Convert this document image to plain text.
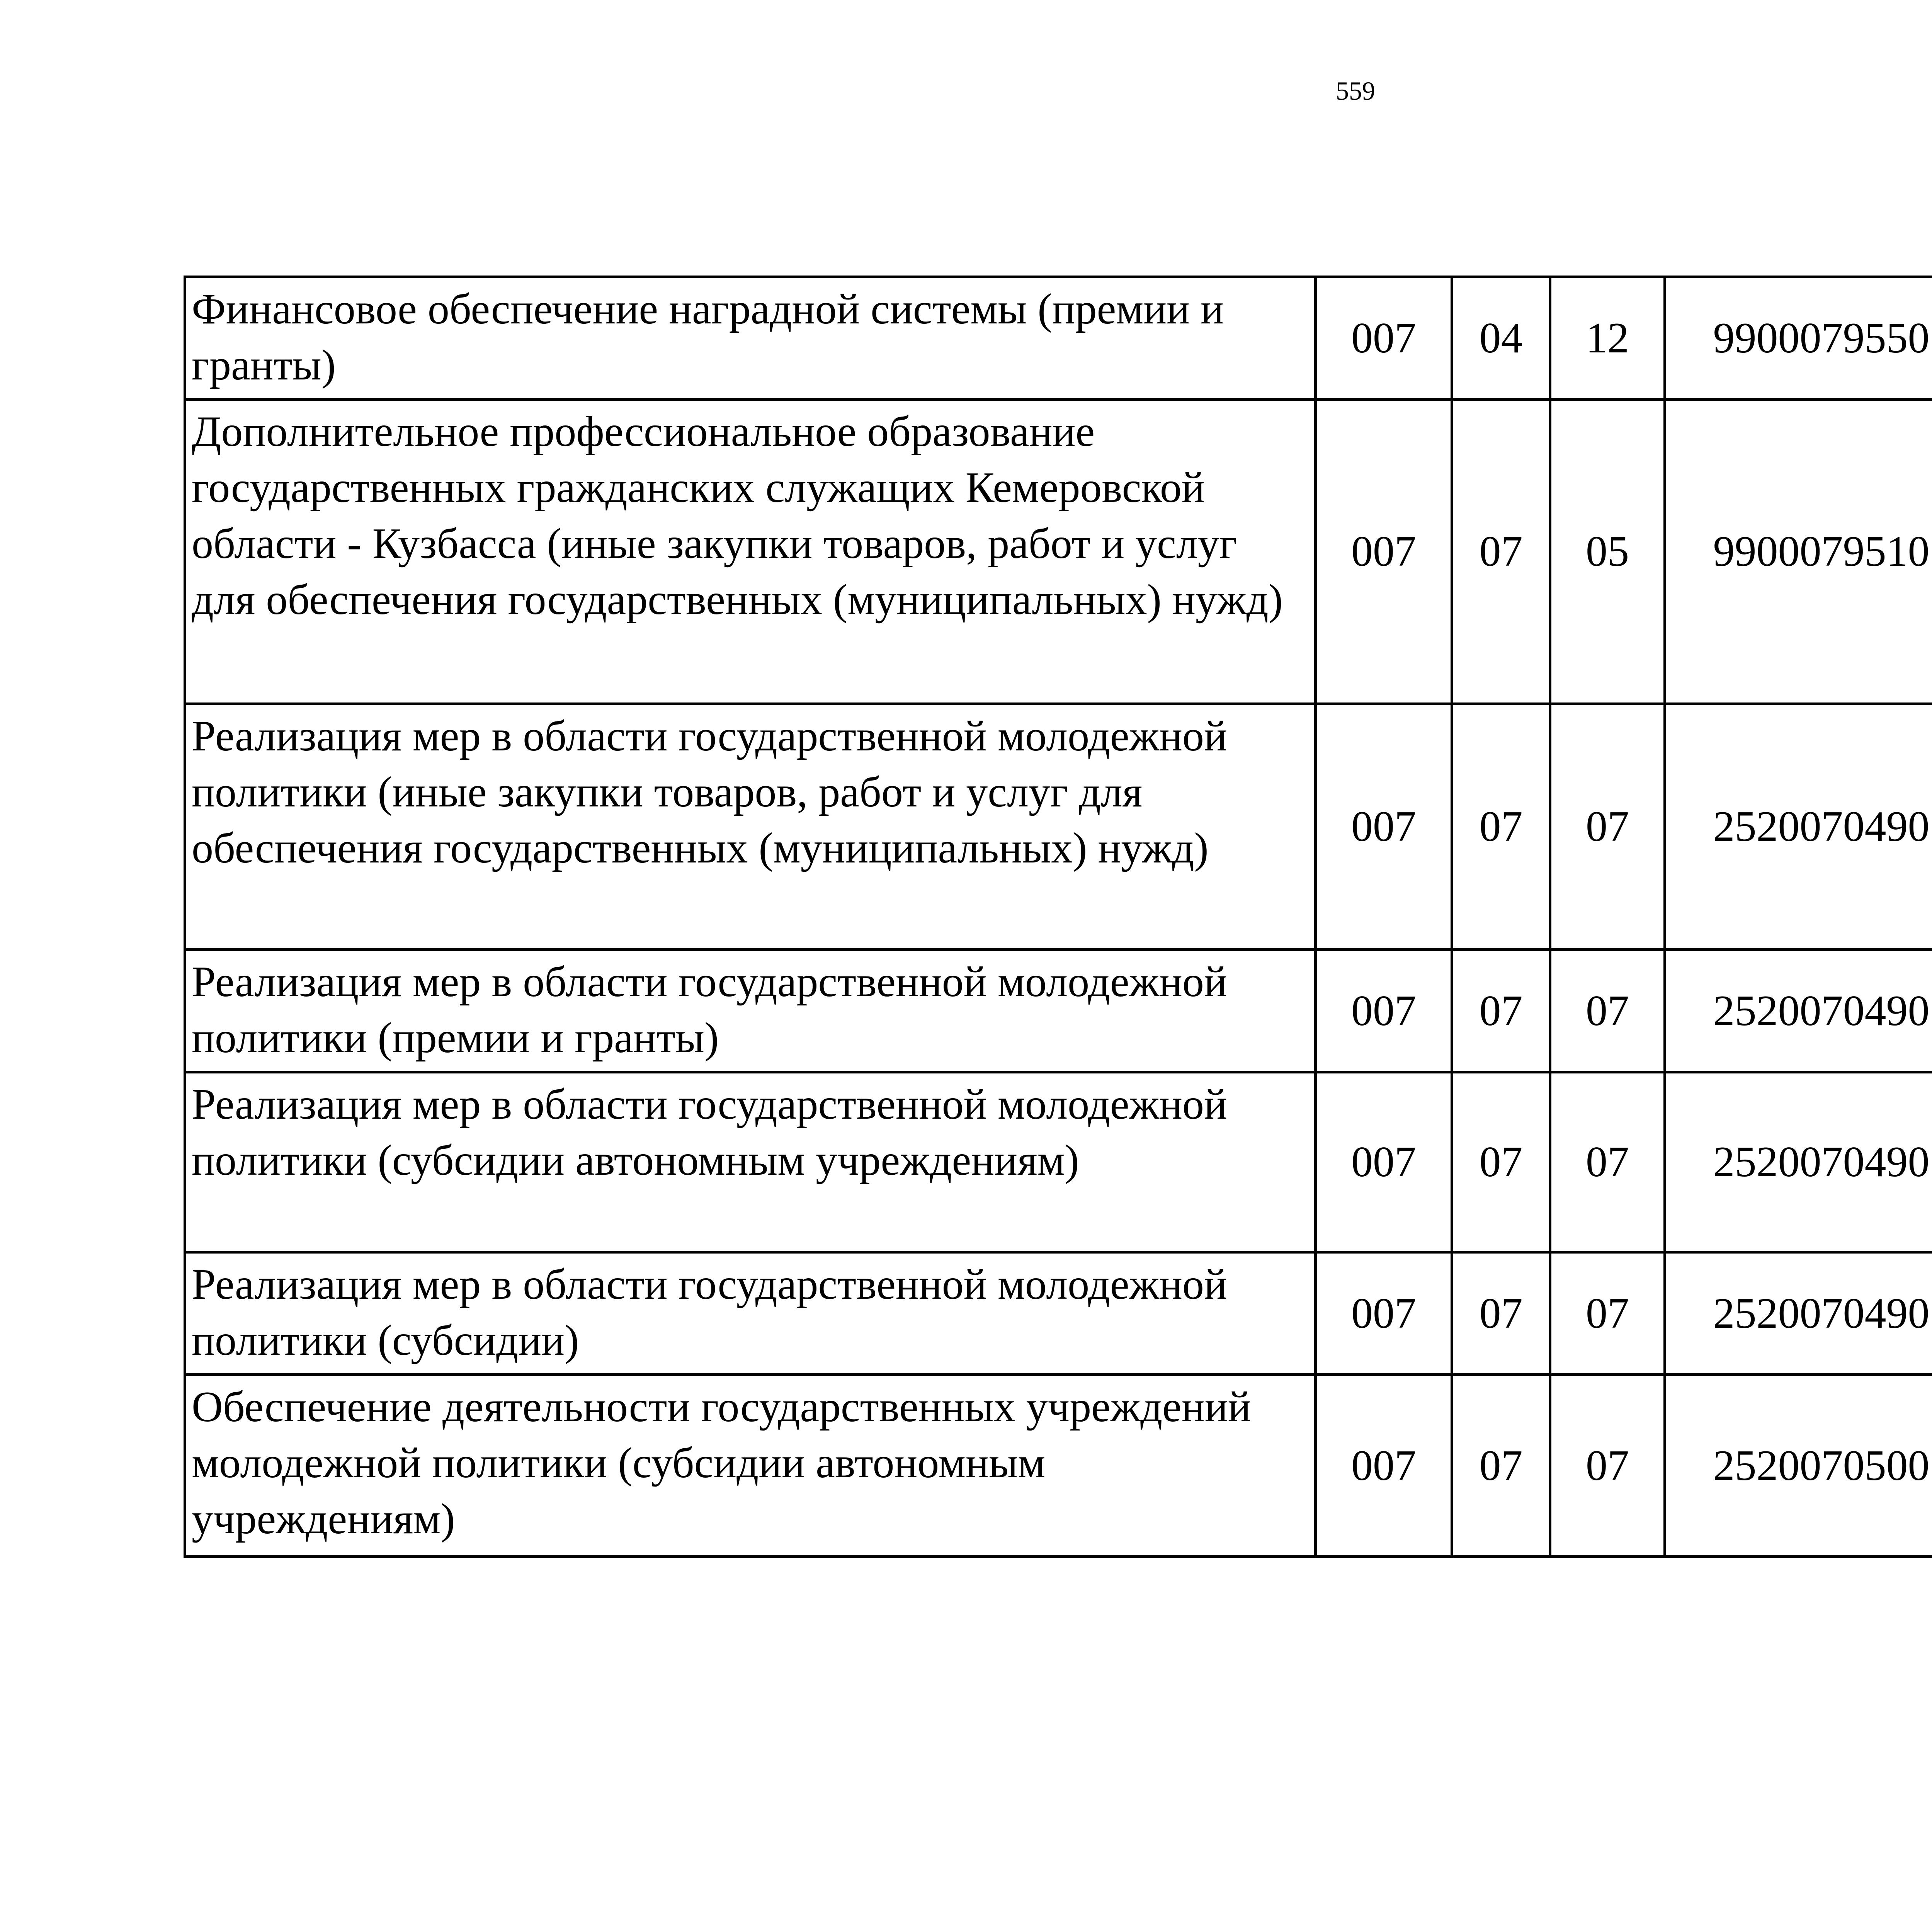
559
Финансовое обеспечение наградной системы (премии и гранты)	007	04	12	9900079550		
Дополнительное профессиональное образование государственных гражданских служащих Кемеровской области - Кузбасса (иные закупки товаров, работ и услуг для обеспечения государственных (муниципальных) нужд)	007	07	05	9900079510		
Реализация мер в области государственной молодежной политики (иные закупки товаров, работ и услуг для обеспечения государственных (муниципальных) нужд)	007	07	07	2520070490		
Реализация мер в области государственной молодежной политики (премии и гранты)	007	07	07	2520070490		
Реализация мер в области государственной молодежной политики (субсидии автономным учреждениям)	007	07	07	2520070490		
Реализация мер в области государственной молодежной политики (субсидии)	007	07	07	2520070490		
Обеспечение деятельности государственных учреждений молодежной политики (субсидии автономным учреждениям)	007	07	07	2520070500		
